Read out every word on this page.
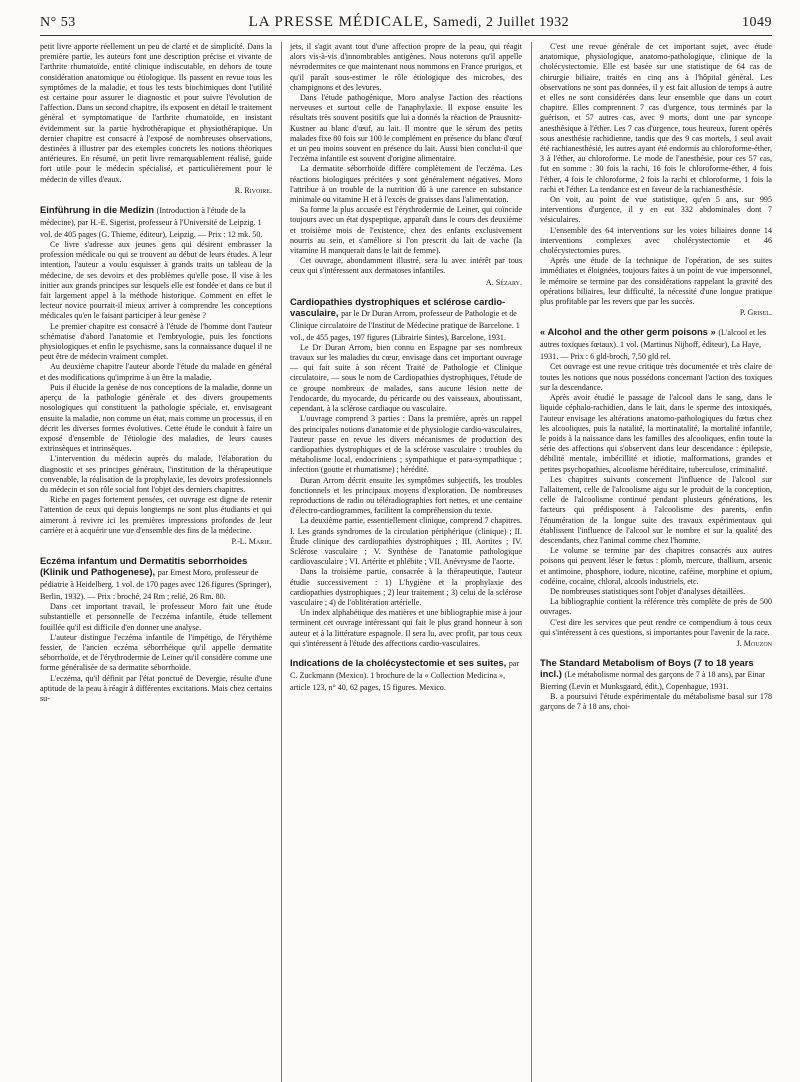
N° 53	LA PRESSE MÉDICALE, Samedi, 2 Juillet 1932	1049

petit livre apporte réellement un peu de clarté et de simplicité. Dans la première partie, les auteurs font une description précise et vivante de l'arthrite rhumatoïde, entité clinique indiscutable, en dehors de toute considération anatomique ou étiologique. Ils passent en revue tous les symptômes de la maladie, et tous les tests biochimiques dont l'utilité est certaine pour assurer le diagnostic et pour suivre l'évolution de l'affection. Dans un second chapitre, ils exposent en détail le traitement général et symptomatique de l'arthrite rhumatoïde, en insistant évidemment sur la partie hydrothérapique et physiothérapique. Un dernier chapitre est consacré à l'exposé de nombreuses observations, destinées à illustrer par des exemples concrets les notions théoriques antérieures. En résumé, un petit livre remarquablement réalisé, guide fort utile pour le médecin spécialisé, et particulièrement pour le médecin de villes d'eaux.

R. Rivoire.
Einführung in die Medizin (Introduction à l'étude de la médecine), par H.-E. Sigerist, professeur à l'Université de Leipzig. 1 vol. de 405 pages (G. Thieme, éditeur), Leipzig. — Prix : 12 mk. 50.

Ce livre s'adresse aux jeunes gens qui désirent embrasser la profession médicale ou qui se trouvent au début de leurs études. A leur intention, l'auteur a voulu esquisser à grands traits un tableau de la médecine, de ses devoirs et des problèmes qu'elle pose. Il vise à les initier aux grands principes sur lesquels elle est fondée et dans ce but il fait largement appel à la méthode historique. Comment en effet le lecteur novice pourrait-il mieux arriver à comprendre les conceptions médicales qu'en le faisant participer à leur genèse ?

Le premier chapitre est consacré à l'étude de l'homme dont l'auteur schématise d'abord l'anatomie et l'embryologie, puis les fonctions physiologiques et enfin le psychisme, sans la connaissance duquel il ne peut être de médecin vraiment complet.

Au deuxième chapitre l'auteur aborde l'étude du malade en général et des modifications qu'imprime à un être la maladie.

Puis il élucide la genèse de nos conceptions de la maladie, donne un aperçu de la pathologie générale et des divers groupements nosologiques qui constituent la pathologie spéciale, et, envisageant ensuite la maladie, non comme un état, mais comme un processus, il en décrit les diverses formes évolutives. Cette étude le conduit à faire un exposé d'ensemble de l'étiologie des maladies, de leurs causes extrinsèques et intrinsèques.

L'intervention du médecin auprès du malade, l'élaboration du diagnostic et ses principes généraux, l'institution de la thérapeutique convenable, la réalisation de la prophylaxie, les devoirs professionnels du médecin et son rôle social font l'objet des derniers chapitres.

Riche en pages fortement pensées, cet ouvrage est digne de retenir l'attention de ceux qui depuis longtemps ne sont plus étudiants et qui aimeront à revivre ici les premières impressions profondes de leur carrière et à acquérir une vue d'ensemble des fins de la médecine.

P.-L. Marie.
Eczéma infantum und Dermatitis seborrhoides (Klinik und Pathogenese), par Ernest Moro, professeur de pédiatrie à Heidelberg. 1 vol. de 170 pages avec 126 figures (Springer), Berlin, 1932). — Prix : broché, 24 Rm ; relié, 26 Rm. 80.

Dans cet important travail, le professeur Moro fait une étude substantielle et personnelle de l'eczéma infantile, étude tellement fouillée qu'il est difficile d'en donner une analyse.

L'auteur distingue l'eczéma infantile de l'impétigo, de l'érythème fessier, de l'ancien eczéma séborrhéique qu'il appelle dermatite séborrhoïde, et de l'érythrodermie de Leiner qu'il considère comme une forme généralisée de sa dermatite séborrhoïde.

L'eczéma, qu'il définit par l'état ponctué de Devergie, résulte d'une aptitude de la peau à réagir à différentes excitations. Mais chez certains su-

jets, il s'agit avant tout d'une affection propre de la peau, qui réagit alors vis-à-vis d'innombrables antigènes. Nous noterons qu'il appelle névrodermites ce que maintenant nous nommons en France prurigos, et qu'il paraît sous-estimer le rôle étiologique des microbes, des champignons et des levures.

Dans l'étude pathogénique, Moro analyse l'action des réactions nerveuses et surtout celle de l'anaphylaxie. Il expose ensuite les résultats très souvent positifs que lui a donnés la réaction de Prausnitz-Kustner au blanc d'œuf, au lait. Il montre que le sérum des petits malades fixe 80 fois sur 100 le complément en présence du blanc d'œuf et un peu moins souvent en présence du lait. Aussi bien conclut-il que l'eczéma infantile est souvent d'origine alimentaire.

La dermatite séborrhoïde diffère complètement de l'eczéma. Les réactions biologiques précitées y sont généralement négatives. Moro l'attribue à un trouble de la nutrition dû à une carence en substance minimale ou vitamine H et à l'excès de graisses dans l'alimentation.

Sa forme la plus accusée est l'érythrodermie de Leiner, qui coïncide toujours avec un état dyspeptique, apparaît dans le cours des deuxième et troisième mois de l'existence, chez des enfants exclusivement nourris au sein, et s'améliore si l'on prescrit du lait de vache (la vitamine H manquerait dans le lait de femme).

Cet ouvrage, abondamment illustré, sera lu avec intérêt par tous ceux qui s'intéressent aux dermatoses infantiles.

A. Sézary.
Cardiopathies dystrophiques et sclérose cardio-vasculaire, par le Dr Duran Arrom, professeur de Pathologie et de Clinique circulatoire de l'Institut de Médecine pratique de Barcelone. 1 vol., de 455 pages, 197 figures (Librairie Sintes), Barcelone, 1931.

Le Dr Duran Arrom, bien connu en Espagne par ses nombreux travaux sur les maladies du cœur, envisage dans cet important ouvrage — qui fait suite à son récent Traité de Pathologie et Clinique circulatoire, — sous le nom de Cardiopathies dystrophiques, l'étude de ce groupe nombreux de malades, sans aucune lésion nette de l'endocarde, du myocarde, du péricarde ou des vaisseaux, aboutissant, cependant, à la sclérose cardiaque ou vasculaire.

L'ouvrage comprend 3 parties : Dans la première, après un rappel des principales notions d'anatomie et de physiologie cardio-vasculaires, l'auteur passe en revue les divers mécanismes de production des cardiopathies dystrophiques et de la sclérose vasculaire : troubles du métabolisme local, endocriniens ; sympathique et para-sympathique ; infection (goutte et rhumatisme) ; hérédité.

Duran Arrom décrit ensuite les symptômes subjectifs, les troubles fonctionnels et les principaux moyens d'exploration. De nombreuses reproductions de radio ou téléradiographies fort nettes, et une centaine d'électro-cardiogrammes, facilitent la compréhension du texte.

La deuxième partie, essentiellement clinique, comprend 7 chapitres. I. Les grands syndromes de la circulation périphérique (clinique) ; II. Étude clinique des cardiopathies dystrophiques ; III. Aortites ; IV. Sclérose vasculaire ; V. Synthèse de l'anatomie pathologique cardiovasculaire ; VI. Artérite et phlébite ; VII. Anévrysme de l'aorte.

Dans la troisième partie, consacrée à la thérapeutique, l'auteur étudie successivement : 1) L'hygiène et la prophylaxie des cardiopathies dystrophiques ; 2) leur traitement ; 3) celui de la sclérose vasculaire ; 4) de l'oblitération artérielle.

Un index alphabétique des matières et une bibliographie mise à jour terminent cet ouvrage intéressant qui fait le plus grand honneur à son auteur et à la littérature espagnole. Il sera lu, avec profit, par tous ceux qui s'intéressent à l'étude des affections cardio-vasculaires.

Indications de la cholécystectomie et ses suites, par C. Zuckmann (Mexico). 1 brochure de la « Collection Medicina », article 123, n° 40, 62 pages, 15 figures. Mexico.

C'est une revue générale de cet important sujet, avec étude anatomique, physiologique, anatomo-pathologique, clinique de la cholécystectomie. Elle est basée sur une statistique de 64 cas de chirurgie biliaire, traités en cinq ans à l'hôpital général. Les observations ne sont pas données, il y est fait allusion de temps à autre et elles ne sont considérées dans leur ensemble que dans un court chapitre. Elles comprennent 7 cas d'urgence, tous terminés par la guérison, et 57 autres cas, avec 9 morts, dont une par syncope anesthésique à l'éther. Les 7 cas d'urgence, tous heureux, furent opérés sous anesthésie rachidienne, tandis que des 9 cas mortels, 1 seul avait été rachianesthésié, les autres ayant été endormis au chloroforme-éther, 3 à l'éther, au chloroforme. Le mode de l'anesthésie, pour ces 57 cas, fut en somme : 30 fois la rachi, 16 fois le chloroforme-éther, 4 fois l'éther, 4 fois le chloroforme, 2 fois la rachi et chloroforme, 1 fois la rachi et l'éther. La tendance est en faveur de la rachianesthésie.

On voit, au point de vue statistique, qu'en 5 ans, sur 995 interventions d'urgence, il y en eut 332 abdominales dont 7 vésiculaires.

L'ensemble des 64 interventions sur les voies biliaires donne 14 interventions complexes avec cholécystectomie et 46 cholécystectomies pures.

Après une étude de la technique de l'opération, de ses suites immédiates et éloignées, toujours faites à un point de vue impersonnel, le mémoire se termine par des considérations rappelant la gravité des opérations biliaires, leur difficulté, la nécessité d'une longue pratique plus profitable par les revers que par les succès.

P. Grisel.
« Alcohol and the other germ poisons » (L'alcool et les autres toxiques fœtaux). 1 vol. (Martinus Nijhoff, éditeur), La Haye, 1931. — Prix : 6 gld-broch, 7,50 gld rel.

Cet ouvrage est une revue critique très documentée et très claire de toutes les notions que nous possédons concernant l'action des toxiques sur la descendance.

Après avoir étudié le passage de l'alcool dans le sang, dans le liquide céphalo-rachidien, dans le lait, dans le sperme des intoxiqués, l'auteur envisage les altérations anatomo-pathologiques du fœtus chez les alcooliques, puis la natalité, la mortinatalité, la mortalité infantile, le poids à la naissance dans les familles des alcooliques, enfin toute la série des affections qui s'observent dans leur descendance : épilepsie, débilité mentale, imbécillité et idiotie, malformations, grandes et petites psychopathies, alcoolisme héréditaire, tuberculose, criminalité.

Les chapitres suivants concernent l'influence de l'alcool sur l'allaitement, celle de l'alcoolisme aigu sur le produit de la conception, celle de l'alcoolisme continué pendant plusieurs générations, les facteurs qui prédisposent à l'alcoolisme des parents, enfin l'énumération de la longue suite des travaux expérimentaux qui établissent l'influence de l'alcool sur le nombre et sur la qualité des descendants, chez l'animal comme chez l'homme.

Le volume se termine par des chapitres consacrés aux autres poisons qui peuvent léser le fœtus : plomb, mercure, thallium, arsenic et antimoine, phosphore, iodure, nicotine, caféine, morphine et opium, codéine, cocaïne, chloral, alcools industriels, etc.

De nombreuses statistiques sont l'objet d'analyses détaillées.

La bibliographie contient la référence très complète de près de 500 ouvrages.

C'est dire les services que peut rendre ce compendium à tous ceux qui s'intéressent à ces questions, si importantes pour l'avenir de la race.

J. Mouzon
The Standard Metabolism of Boys (7 to 18 years incl.) (Le métabolisme normal des garçons de 7 à 18 ans), par Einar Bierring (Levin et Munksgaard, édit.), Copenhague, 1931.

B. a poursuivi l'étude expérimentale du métabolisme basal sur 178 garçons de 7 à 18 ans, choi-
